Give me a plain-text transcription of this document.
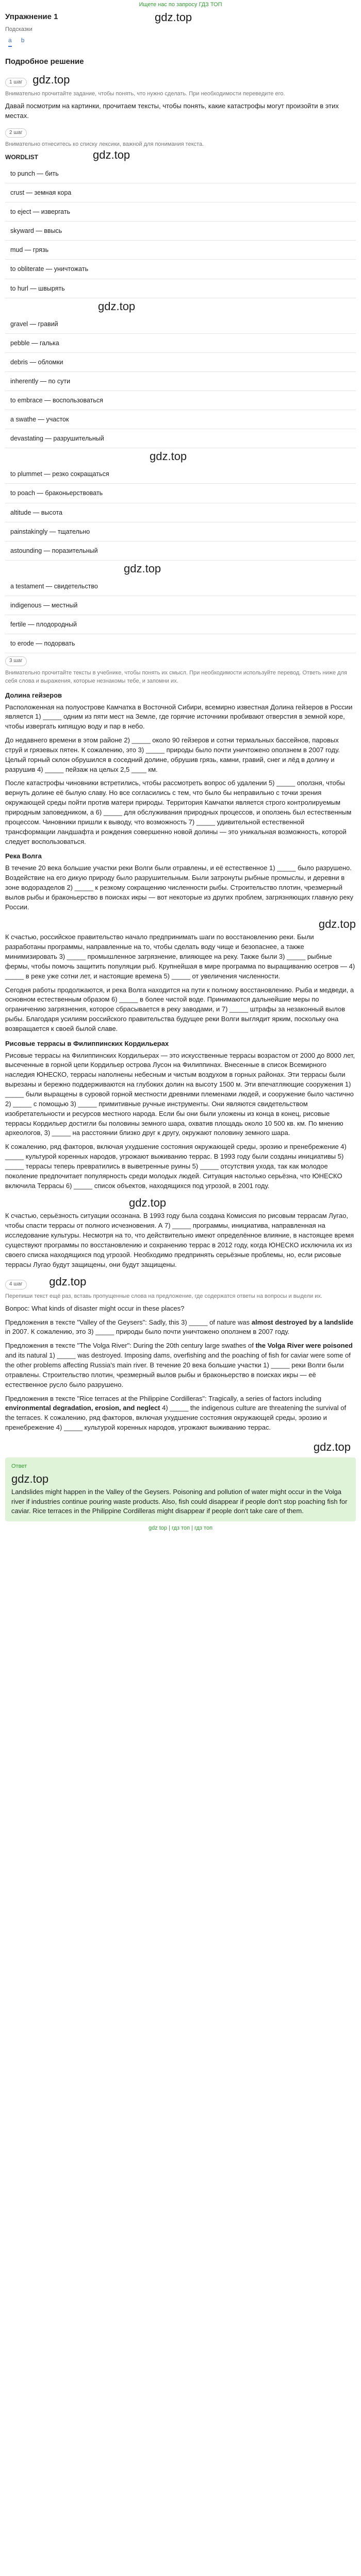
Ищете нас по запросу ГДЗ ТОП
Упражнение 1	gdz.top
Подсказки
a b
Подробное решение
1 шаг gdz.top
Внимательно прочитайте задание, чтобы понять, что нужно сделать. При необходимости переведите его.
Давай посмотрим на картинки, прочитаем тексты, чтобы понять, какие катастрофы могут произойти в этих местах.
2 шаг
Внимательно отнеситесь ко списку лексики, важной для понимания текста.
gdz.top
WORDLIST
to punch — бить
crust — земная кора
to eject — извергать
skyward — ввысь
mud — грязь
to obliterate — уничтожать
to hurl — швырять
gdz.top
gravel — гравий
pebble — галька
debris — обломки
inherently — по сути
to embrace — воспользоваться
a swathe — участок
devastating — разрушительный
gdz.top
to plummet — резко сокращаться
to poach — браконьерствовать
altitude — высота
painstakingly — тщательно
astounding — поразительный
gdz.top
a testament — свидетельство
indigenous — местный
fertile — плодородный
to erode — подорвать
3 шаг
Внимательно прочитайте тексты в учебнике, чтобы понять их смысл. При необходимости используйте перевод. Ответь ниже для себя слова и выражения, которые незнакомы тебе, и запомни их.
Долина гейзеров
Расположенная на полуострове Камчатка в Восточной Сибири, всемирно известная Долина гейзеров в России является 1) _____ одним из пяти мест на Земле, где горячие источники пробивают отверстия в земной коре, чтобы извергать кипящую воду и пар в небо.
До недавнего времени в этом районе 2) _____ около 90 гейзеров и сотни термальных бассейнов, паровых струй и грязевых пятен. К сожалению, это 3) _____ природы было почти уничтожено оползнем в 2007 году. Целый горный склон обрушился в соседний долине, обрушив грязь, камни, гравий, снег и лёд в долину и разрушив 4) _____ пейзаж на целых 2,5 ____ км.
После катастрофы чиновники встретились, чтобы рассмотреть вопрос об удалении 5) _____ оползня, чтобы вернуть долине её былую славу. Но все согласились с тем, что было бы неправильно с точки зрения окружающей среды пойти против матери природы. Территория Камчатки является строго контролируемым природным заповедником, а 6) _____ для обслуживания природных процессов, и оползень был естественным процессом. Чиновники пришли к выводу, что возможность 7) _____ удивительной естественной трансформации ландшафта и рождения совершенно новой долины — это уникальная возможность, которой следует воспользоваться.
Река Волга
В течение 20 века большие участки реки Волги были отравлены, и её естественное 1) _____ было разрушено. Воздействие на его дикую природу было разрушительным. Были затронуты рыбные промыслы, и деревни в зоне водоразделов 2) _____ к резкому сокращению численности рыбы. Строительство плотин, чрезмерный вылов рыбы и браконьерство в поисках икры — вот некоторые из других проблем, загрязняющих главную реку России.
gdz.top
К счастью, российское правительство начало предпринимать шаги по восстановлению реки. Были разработаны программы, направленные на то, чтобы сделать воду чище и безопаснее, а также минимизировать 3) _____ промышленное загрязнение, влияющее на реку. Также были 3) _____ рыбные фермы, чтобы помочь защитить популяции рыб. Крупнейшая в мире программа по выращиванию осетров — 4) _____ в реке уже сотни лет, и настоящие времена 5) _____ от увеличения численности.
Сегодня работы продолжаются, и река Волга находится на пути к полному восстановлению. Рыба и медведи, а основном естественным образом 6) _____ в более чистой воде. Принимаются дальнейшие меры по ограничению загрязнения, которое сбрасывается в реку заводами, и 7) _____ штрафы за незаконный вылов рыбы. Благодаря усилиям российского правительства будущее реки Волги выглядит ярким, поскольку она возвращается к своей былой славе.
Рисовые террасы в Филиппинских Кордильерах
Рисовые террасы на Филиппинских Кордильерах — это искусственные террасы возрастом от 2000 до 8000 лет, высеченные в горной цепи Кордильер острова Лусон на Филиппинах. Внесенные в список Всемирного наследия ЮНЕСКО, террасы наполнены небесным и чистым воздухом в горных районах. Эти террасы были вырезаны и бережно поддерживаются на глубоких долин на высоту 1500 м. Эти впечатляющие сооружения 1) _____ были выращены в суровой горной местности древними племенами людей, и сооружение было частично 2) _____ с помощью 3) _____ примитивные ручные инструменты. Они являются свидетельством изобретательности и ресурсов местного народа. Если бы они были уложены из конца в конец, рисовые террасы Кордильер достигли бы половины земного шара, охватив площадь около 10 500 кв. км. По мнению археологов, 3) _____ на расстоянии близко друг к другу, окружают половину земного шара.
К сожалению, ряд факторов, включая ухудшение состояния окружающей среды, эрозию и пренебрежение 4) _____ культурой коренных народов, угрожают выживанию террас. В 1993 году были созданы инициативы 5) _____ террасы теперь превратились в выветренные руины 5) _____ отсутствия ухода, так как молодое поколение предпочитает популярность среди молодых людей. Ситуация настолько серьёзна, что ЮНЕСКО включила Террасы 6) _____ список объектов, находящихся под угрозой, в 2001 году.
gdz.top
К счастью, серьёзность ситуации осознана. В 1993 году была создана Комиссия по рисовым террасам Лугао, чтобы спасти террасы от полного исчезновения. А 7) _____ программы, инициатива, направленная на исследование культуры. Несмотря на то, что действительно имеют определённое влияние, в настоящее время существуют программы по восстановлению и сохранению террас в 2012 году, когда ЮНЕСКО исключила их из своего списка находящихся под угрозой. Необходимо предпринять серьёзные проблемы, но, если рисовые террасы Лугао будут защищены, они будут защищены.
4 шаг gdz.top
Перепиши текст ещё раз, вставь пропущенные слова на предложение, где содержатся ответы на вопросы и выдели их.
Вопрос: What kinds of disaster might occur in these places?
Предложения в тексте "Valley of the Geysers": Sadly, this 3) _____ of nature was almost destroyed by a landslide in 2007. К сожалению, это 3) _____ природы было почти уничтожено оползнем в 2007 году.
Предложения в тексте "The Volga River": During the 20th century large swathes of the Volga River were poisoned and its natural 1) _____ was destroyed. Imposing dams, overfishing and the poaching of fish for caviar were some of the other problems affecting Russia's main river. В течение 20 века большие участки 1) _____ реки Волги были отравлены. Строительство плотин, чрезмерный вылов рыбы и браконьерство в поисках икры — её естественное русло было разрушено.
Предложения в тексте "Rice terraces at the Philippine Cordilleras": Tragically, a series of factors including environmental degradation, erosion, and neglect 4) _____ the indigenous culture are threatening the survival of the terraces. К сожалению, ряд факторов, включая ухудшение состояния окружающей среды, эрозию и пренебрежение 4) _____ культурой коренных народов, угрожают выживанию террас.
gdz.top
Ответ
gdz.top
Landslides might happen in the Valley of the Geysers. Poisoning and pollution of water might occur in the Volga river if industries continue pouring waste products. Also, fish could disappear if people don't stop poaching fish for caviar. Rice terraces in the Philippine Cordilleras might disappear if people don't take care of them.
gdz top | гдз топ | гдз топ
